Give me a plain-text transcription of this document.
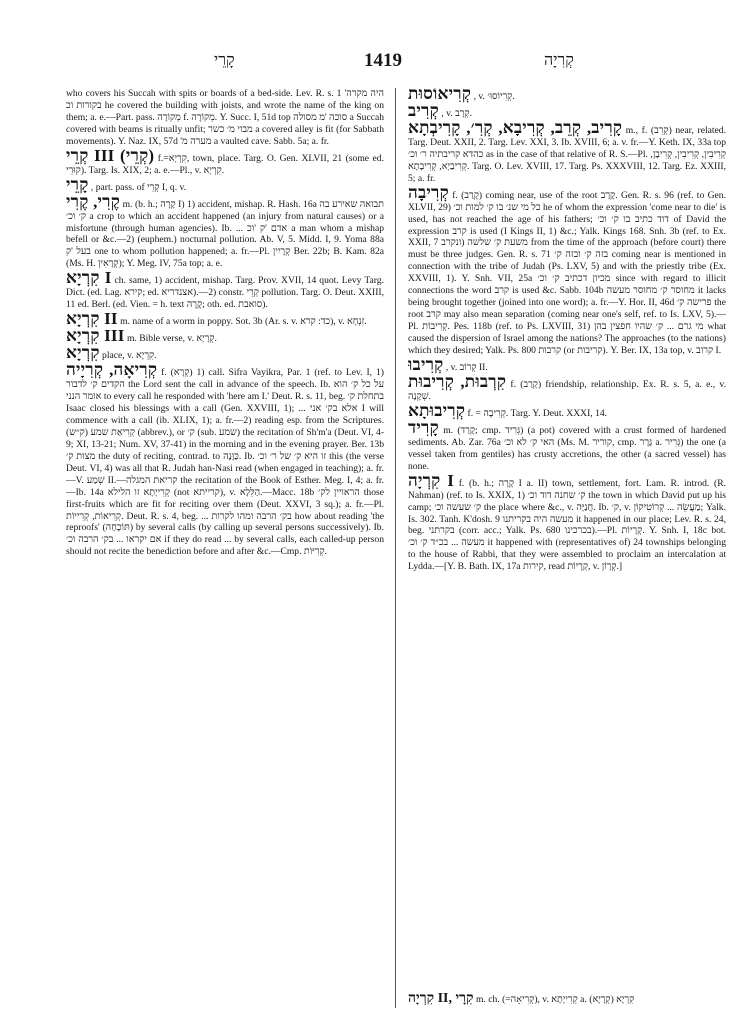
קָרֵי	1419	קְרִיָה

who covers his Succah with spits or boards of a bed-side. Lev. R. s. 1 'היה מקרה בקורות וכ he covered the building with joists, and wrote the name of the king on them; a. e.—Part. pass. מְקוֹרָה f. מְקוֹרֶה. Y. Succ. I, 51d top סוכה 'מ מסולה a Succah covered with beams is ritually unfit; מבוי מ׳ כשר a covered alley is fit (for Sabbath movements). Y. Naz. IX, 57d 'מערה מ a vaulted cave. Sabb. 5a; a. fr.

קְרֵי III (קְרֵי) f.=קִרְיָא, town, place. Targ. O. Gen. XLVII, 21 (some ed. קוּרֵי). Targ. Is. XIX, 2; a. e.—Pl., v. קִרְיָא.

קָרֵי , part. pass. of קְרֵי I, q. v.

קֶרִי, קֶרִי m. (b. h.; קָרָה I) 1) accident, mishap. R. Hash. 16a תבואה שאירע בה ק׳ וכ׳ a crop to which an accident happened (an injury from natural causes) or a misfortune (through human agencies). Ib. ... אדם 'ק 'וכ a man whom a mishap befell or &c.—2) (euphem.) nocturnal pollution. Ab. V, 5. Midd. I, 9. Yoma 88a בעל 'ק one to whom pollution happened; a. fr.—Pl. קְרָיִין Ber. 22b; B. Kam. 82a (Ms. H. קְרָאִין); Y. Meg. IV, 75a top; a. e.

קִרְיָא I ch. same, 1) accident, mishap. Targ. Prov. XVII, 14 quot. Levy Targ. Dict. (ed. Lag. קירא; ed. אצנדריא).—2) constr. קְרֵי pollution. Targ. O. Deut. XXIII, 11 ed. Berl. (ed. Vien. = h. text קֶרֶה; oth. ed. סואבת).

קִרְיָא II m. name of a worm in poppy. Sot. 3b (Ar. s. v. כד: קרא), v. זִנְחָא.

קִרְיָא III m. Bible verse, v. קְרָיָא.

קִרְיָא place, v. קִרְיָא.

קְרִיאָה, קְרִיָיה f. (קְרָא) 1) call. Sifra Vayikra, Par. 1 (ref. to Lev. I, 1) הקדים ק׳ לדבור the Lord sent the call in advance of the speech. Ib. על כל ק׳ הוא אומר הנני to every call he responded with 'here am I.' Deut. R. s. 11, beg. בתחלת ק׳ Isaac closed his blessings with a call (Gen. XXVIII, 1); ... אלא בק׳ אני I will commence with a call (ib. XLIX, 1); a. fr.—2) reading esp. from the Scriptures. קְרִיאַת שמע (ק״ש) (abbrev.), or ק׳ (sub. שמע) the recitation of Sh'm'a (Deut. VI, 4-9; XI, 13-21; Num. XV, 37-41) in the morning and in the evening prayer. Ber. 13b מצות ק׳ the duty of reciting, contrad. to כַּוָּנָה. Ib. זו היא ק׳ של ר׳ וכ׳ this (the verse Deut. VI, 4) was all that R. Judah han-Nasi read (when engaged in teaching); a. fr.—V. שְׁמַע II.—קריאת המגלה the recitation of the Book of Esther. Meg. I, 4; a. fr.—Ib. 14a קְרִייָתָא זו הלילא (not קרייתא), v. הַלֵּלָא.—Macc. 18b הראויין לק׳ those first-fruits which are fit for reciting over them (Deut. XXVI, 3 sq.); a. fr.—Pl. קְרִיאוֹת, קְרִייוֹת. Deut. R. s. 4, beg. ... בק׳ הרבה ומהו לקרות how about reading 'the reproofs' (תּוֹכָחָה) by several calls (by calling up several persons successively). Ib. אם יקראו ... בק׳ הרבה וכ׳ if they do read ... by several calls, each called-up person should not recite the benediction before and after &c.—Cmp. קְרִיּוֹת.

קְרִיאוֹסוּת , v. קְרִיוֹסוּ׳.

קְרִיב , v. קְרָב.

קָרִיב, קְרֵב, קְרִיבָא, קְרִ׳, קָרִיבְתָא m., f. (קְרֵב) near, related. Targ. Deut. XXII, 2. Targ. Lev. XXI, 3. Ib. XVIII, 6; a. v. fr.—Y. Keth. IX, 33a top כהדא קריבתיה ר׳ וכ׳ as in the case of that relative of R. S.—Pl. קְרִיבִין, קְרִיבִין, קְרִיבָן, קְרִיבַיָא, קְרִיבָתָא. Targ. O. Lev. XVIII, 17. Targ. Ps. XXXVIII, 12. Targ. Ez. XXIII, 5; a. fr.

קְרִיבָה f. (קָרַב) coming near, use of the root קָרַב. Gen. R. s. 96 (ref. to Gen. XLVII, 29) כל מי שנ׳ בו ק׳ למות וכ׳ he of whom the expression 'come near to die' is used, has not reached the age of his fathers; דוד כתיב בו ק׳ וכ׳ of David the expression קרב is used (I Kings II, 1) &c.; Yalk. Kings 168. Snh. 3b (ref. to Ex. XXII, 7 ונקרב) משעת ק׳ שלשה from the time of the approach (before court) there must be three judges. Gen. R. s. 71 בזה ק׳ ובזה ק׳ coming near is mentioned in connection with the tribe of Judah (Ps. LXV, 5) and with the priestly tribe (Ex. XXVIII, 1). Y. Snh. VII, 25a מכיון דכתיב ק׳ וכ׳ since with regard to illicit connections the word קרב is used &c. Sabb. 104b מחוסר ק׳ מחוסר מעשה it lacks being brought together (joined into one word); a. fr.—Y. Hor. II, 46d פרישה ק׳ the root קרב may also mean separation (coming near one's self, ref. to Is. LXV, 5).—Pl. קְרִיבוֹת. Pes. 118b (ref. to Ps. LXVIII, 31) מי גרם ... ק׳ שהיו חפצין בהן what caused the dispersion of Israel among the nations? The approaches (to the nations) which they desired; Yalk. Ps. 800 קרבות (or קריבות). Y. Ber. IX, 13a top, v. קרוב I.

קְרִיבוּ , v. קְרוֹב II.

קִרְבוּת, קְרִיבוּת f. (קָרַב) friendship, relationship. Ex. R. s. 5, a. e., v. שְׁקָנָה.

קְרִיבוּתָא f. = קְרִיבָה. Targ. Y. Deut. XXXI, 14.

קָרִיד m. (קָרַד; cmp. גְּרִיד) (a pot) covered with a crust formed of hardened sediments. Ab. Zar. 76a האי ק׳ לא וכ׳ (Ms. M. קוריר, cmp. גָּרָר a. גְּרִיר) the one (a vessel taken from gentiles) has crusty accretions, the other (a sacred vessel) has none.

קִרְיָה I f. (b. h.; קָרָה I a. II) town, settlement, fort. Lam. R. introd. (R. Nahman) (ref. to Is. XXIX, 1) ק׳ שחנה דוד וכ׳ the town in which David put up his camp; ק׳ שעשה וכ׳ the place where &c., v. חֲנַיָּה. Ib. ק׳, v. מַעֲשֵׂה ... קְרוֹטִיקוֹן; Yalk. Is. 302. Tanh. K'dosh. 9 מעשה היה בקריתנו it happened in our place; Lev. R. s. 24, beg. בקרתני (corr. acc.; Yalk. Ps. 680 בכרכינו).—Pl. קְרָיוֹת. Y. Snh. I, 18c bot. מעשה ... בכ״ד ק׳ וכ׳ it happened with (representatives of) 24 townships belonging to the house of Rabbi, that they were assembled to proclaim an intercalation at Lydda.—[Y. B. Bath. IX, 17a קירות, read קְרָיוֹת, v. קְרָוֹן.]

קִרְיָה II, קִרָי m. ch. (=קְרִיאָה), v. קְרִייָתָא a. קִרְיָא (קְרָיָא)
